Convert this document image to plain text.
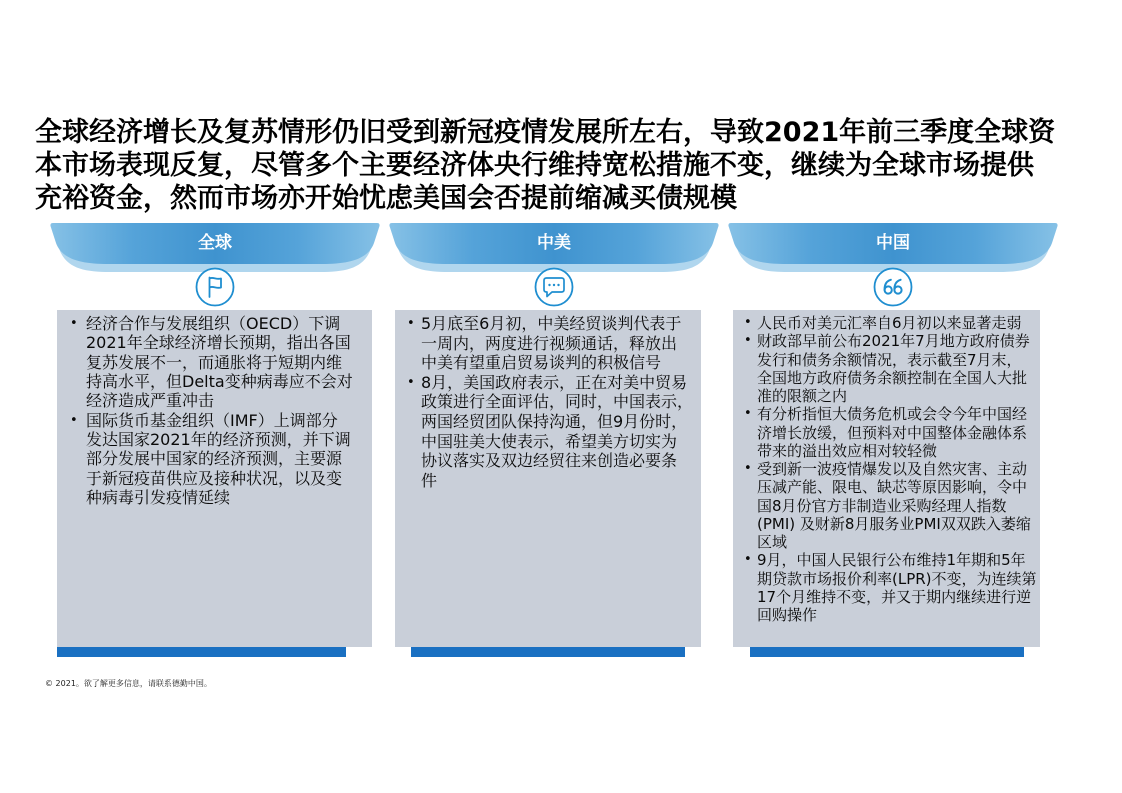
全球经济增长及复苏情形仍旧受到新冠疫情发展所左右，导致2021年前三季度全球资
本市场表现反复，尽管多个主要经济体央行维持宽松措施不变，继续为全球市场提供
充裕资金，然而市场亦开始忧虑美国会否提前缩减买债规模
全球
• 经济合作与发展组织（OECD）下调
2021年全球经济增长预期，指出各国
复苏发展不一，而通胀将于短期内维
持高水平，但Delta变种病毒应不会对
经济造成严重冲击
• 国际货币基金组织（IMF）上调部分
发达国家2021年的经济预测，并下调
部分发展中国家的经济预测，主要源
于新冠疫苗供应及接种状况，以及变
种病毒引发疫情延续
中美
• 5月底至6月初，中美经贸谈判代表于
一周内，两度进行视频通话，释放出
中美有望重启贸易谈判的积极信号
• 8月，美国政府表示，正在对美中贸易
政策进行全面评估，同时，中国表示，
两国经贸团队保持沟通，但9月份时，
中国驻美大使表示，希望美方切实为
协议落实及双边经贸往来创造必要条
件
中国
• 人民币对美元汇率自6月初以来显著走弱
• 财政部早前公布2021年7月地方政府债券
发行和债务余额情况，表示截至7月末，
全国地方政府债务余额控制在全国人大批
准的限额之内
• 有分析指恒大债务危机或会令今年中国经
济增长放缓，但预料对中国整体金融体系
带来的溢出效应相对较轻微
• 受到新一波疫情爆发以及自然灾害、主动
压减产能、限电、缺芯等原因影响，令中
国8月份官方非制造业采购经理人指数
(PMI) 及财新8月服务业PMI双双跌入萎缩
区域
• 9月，中国人民银行公布维持1年期和5年
期贷款市场报价利率(LPR)不变，为连续第
17个月维持不变，并又于期内继续进行逆
回购操作
© 2021。欲了解更多信息，请联系德勤中国。
